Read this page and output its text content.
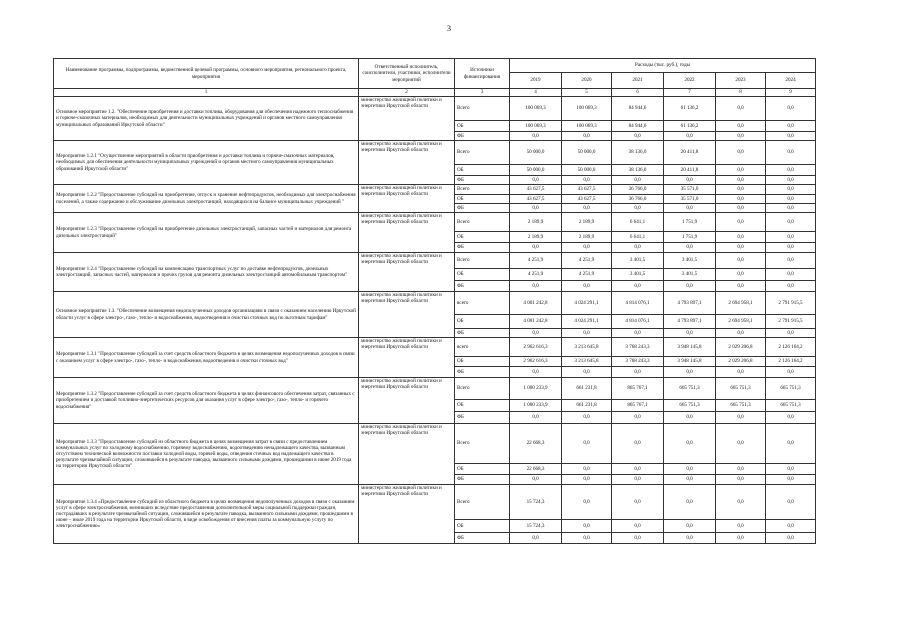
3
Наименование программы, подпрограммы, ведомственной целевой программы, основного мероприятия, регионального проекта, мероприятия	Ответственный исполнитель, соисполнители, участники, исполнители мероприятий	Источники финансирования	Расходы (тыс. руб.), годы					
			2019	2020	2021	2022	2023	2024
1	2	3	4	5	6	7	8	9
Основное мероприятие 1.2. "Обеспечение приобретения и доставки топлива, оборудования для обеспечения надежного теплоснабжения и горюче-смазочных материалов, необходимых для деятельности муниципальных учреждений и органов местного самоуправления муниципальных образований Иркутской области"	министерство жилищной политики и энергетики Иркутской области	Всего	100 069,3	100 069,3	84 944,6	61 136,2	0,0	0,0
		ОБ	100 069,3	100 069,3	84 944,6	61 136,2	0,0	0,0
		ФБ	0,0	0,0	0,0	0,0	0,0	0,0
Мероприятие 1.2.1 "Осуществление мероприятий в области приобретения и доставки топлива и горюче-смазочных материалов, необходимых для обеспечения деятельности муниципальных учреждений и органов местного самоуправления муниципальных образований Иркутской области"	министерство жилищной политики и энергетики Иркутской области	Всего	50 000,0	50 000,0	38 136,0	20 411,8	0,0	0,0
		ОБ	50 000,0	50 000,0	38 136,0	20 411,8	0,0	0,0
		ФБ	0,0	0,0	0,0	0,0	0,0	0,0
Мероприятие 1.2.2 "Предоставление субсидий на приобретение, отпуск и хранение нефтепродуктов, необходимых для электроснабжения поселений, а также содержание и обслуживание дизельных электростанций, находящихся на балансе муниципальных учреждений "	министерство жилищной политики и энергетики Иркутской области	Всего	43 627,5	43 627,5	36 766,0	35 571,0	0,0	0,0
		ОБ	43 627,5	43 627,5	36 766,0	35 571,0	0,0	0,0
		ФБ	0,0	0,0	0,0	0,0	0,0	0,0
Мероприятие 1.2.3 "Предоставление субсидий на приобретение дизельных электростанций, запасных частей и материалов для ремонта дизельных электростанций"	министерство жилищной политики и энергетики Иркутской области	Всего	2 189,9	2 189,9	6 641,1	1 751,9	0,0	0,0
		ОБ	2 189,9	2 189,9	6 641,1	1 751,9	0,0	0,0
		ФБ	0,0	0,0	0,0	0,0	0,0	0,0
Мероприятие 1.2.4 "Предоставление субсидий на компенсацию транспортных услуг по доставке нефтепродуктов, дизельных электростанций, запасных частей, материалов и прочих грузов для ремонта дизельных электростанций автомобильным транспортом"	министерство жилищной политики и энергетики Иркутской области	Всего	4 251,9	4 251,9	3 401,5	3 401,5	0,0	0,0
		ОБ	4 251,9	4 251,9	3 401,5	3 401,5	0,0	0,0
		ФБ	0,0	0,0	0,0	0,0	0,0	0,0
Основное мероприятие 1.3. "Обеспечение возмещения недополученных доходов организациям в связи с оказанием населению Иркутской области услуг в сфере электро-, газо-, тепло- и водоснабжения, водоотведения и очистки сточных вод по льготным тарифам"	министерство жилищной политики и энергетики Иркутской области	всего	4 001 242,8	4 024 291,1	4 814 076,1	4 793 897,1	2 694 958,1	2 791 915,5
		ОБ	4 001 242,8	4 024 291,1	4 814 076,1	4 793 897,1	2 694 958,1	2 791 915,5
		ФБ	0,0	0,0	0,0	0,0	0,0	0,0
Мероприятие 1.3.1 "Предоставление субсидий за счет средств областного бюджета в целях возмещения недополученных доходов в связи с оказанием услуг в сфере электро-, газо-, тепло- и водоснабжения, водоотведения и очистки сточных вод"	министерство жилищной политики и энергетики Иркутской области	всего	2 962 616,3	3 213 645,8	3 768 243,3	3 948 145,8	2 029 206,8	2 126 164,2
		ОБ	2 962 616,3	3 213 645,8	3 768 243,3	3 948 145,8	2 029 206,8	2 126 164,2
		ФБ	0,0	0,0	0,0	0,0	0,0	0,0
Мероприятие 1.3.2 "Предоставление субсидий за счет средств областного бюджета в целях финансового обеспечения затрат, связанных с приобретением и доставкой топливно-энергетических ресурсов для оказания услуг в сфере электро-, газо-, тепло- и горячего водоснабжения"	министерство жилищной политики и энергетики Иркутской области	Всего	1 000 233,9	661 231,8	865 767,1	665 751,3	665 751,3	665 751,3
		ОБ	1 000 233,9	661 231,8	865 767,1	665 751,3	665 751,3	665 751,3
		ФБ	0,0	0,0	0,0	0,0	0,0	0,0
Мероприятие 1.3.3 "Предоставление субсидий из областного бюджета в целях возмещения затрат в связи с предоставлением коммунальных услуг по холодному водоснабжению, горячему водоснабжению, водоотведению ненадлежащего качества, вызванным отсутствием технической возможности поставки холодной воды, горячей воды, отведения сточных вод надлежащего качества в результате чрезвычайной ситуации, сложившейся в результате паводка, вызванного сильными дождями, прошедшими в июне 2019 года на территории Иркутской области"	министерство жилищной политики и энергетики Иркутской области	Всего	22 668,3	0,0	0,0	0,0	0,0	0,0
		ОБ	22 668,3	0,0	0,0	0,0	0,0	0,0
		ФБ	0,0	0,0	0,0	0,0	0,0	0,0
Мероприятие 1.3.4 «Предоставление субсидий из областного бюджета в целях возмещения недополученных доходов в связи с оказанием услуг в сфере электроснабжения, возникших вследствие предоставления дополнительной меры социальной поддержки граждан, пострадавших в результате чрезвычайной ситуации, сложившейся в результате паводка, вызванного сильными дождями, прошедшими в июне – июле 2019 года на территории Иркутской области, в виде освобождения от внесения платы за коммунальную услугу по электроснабжению»	министерство жилищной политики и энергетики Иркутской области	Всего	15 724,3	0,0	0,0	0,0	0,0	0,0
		ОБ	15 724,3	0,0	0,0	0,0	0,0	0,0
		ФБ	0,0	0,0	0,0	0,0	0,0	0,0
